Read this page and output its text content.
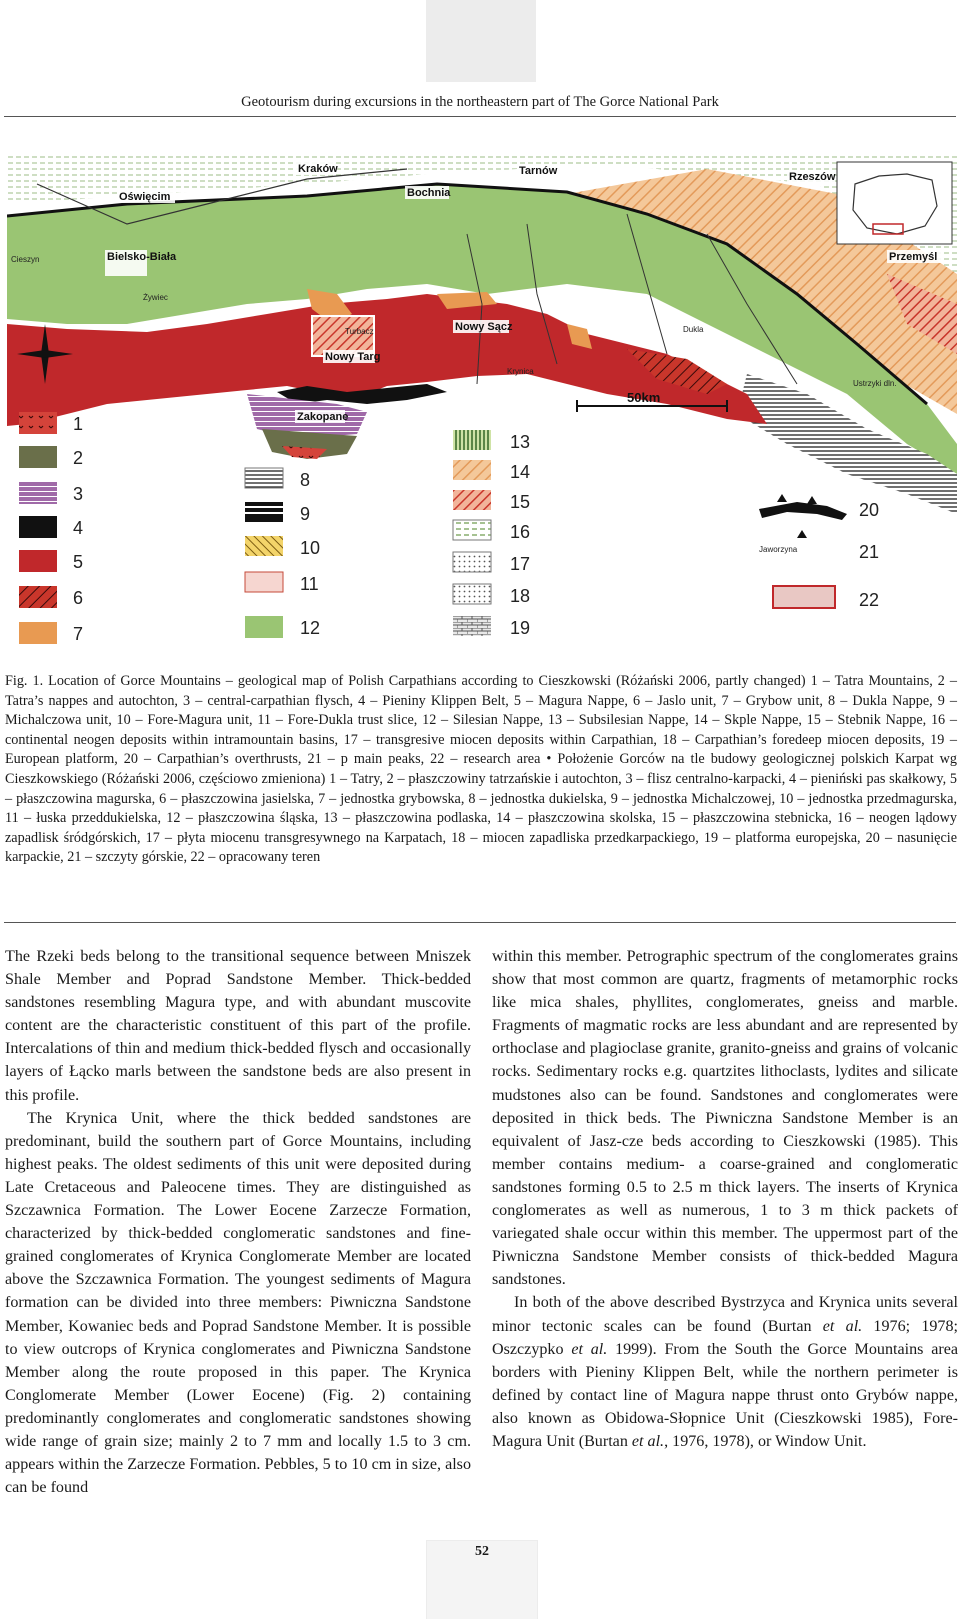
Geotourism during excursions in the northeastern part of The Gorce National Park
50km
Kraków
Oświęcim	Bochnia
Tarnów	Rzeszów
Przemyśl
Bielsko-Biała
Cieszyn
Żywiec
Nowy Sącz
Nowy Targ
Zakopane
Krynica
Dukla
Ustrzyki dln.
Turbacz
Jaworzyna
1
2
3
4
5
6
7
8
9
10
11
12
13
14
15
16
17
18
19
20
21
22
Fig. 1. Location of Gorce Mountains – geological map of Polish Carpathians according to Cieszkowski (Różański 2006, partly changed) 1 – Tatra Mountains, 2 – Tatra’s nappes and autochton, 3 – central-carpathian flysch, 4 – Pieniny Klippen Belt, 5 – Magura Nappe, 6 – Jaslo unit, 7 – Grybow unit, 8 – Dukla Nappe, 9 – Michalczowa unit, 10 – Fore-Magura unit, 11 – Fore-Dukla trust slice, 12 – Silesian Nappe, 13 – Subsilesian Nappe, 14 – Skple Nappe, 15 – Stebnik Nappe, 16 – continental neogen deposits within intramountain basins, 17 – transgresive miocen deposits within Carpathian, 18 – Carpathian’s foredeep miocen deposits, 19 – European platform, 20 – Carpathian’s overthrusts, 21 – p main peaks, 22 – research area • Położenie Gorców na tle budowy geologicznej polskich Karpat wg Cieszkowskiego (Różański 2006, częściowo zmieniona) 1 – Tatry, 2 – płaszczowiny tatrzańskie i autochton, 3 – flisz centralno-karpacki, 4 – pieniński pas skałkowy, 5 – płaszczowina magurska, 6 – płaszczowina jasielska, 7 – jednostka grybowska, 8 – jednostka dukielska, 9 – jednostka Michalczowej, 10 – jednostka przedmagurska, 11 – łuska przeddukielska, 12 – płaszczowina śląska, 13 – płaszczowina podlaska, 14 – płaszczowina skolska, 15 – płaszczowina stebnicka, 16 – neogen lądowy zapadlisk śródgórskich, 17 – płyta miocenu transgresywnego na Karpatach, 18 – miocen zapadliska przedkarpackiego, 19 – platforma europejska, 20 – nasunięcie karpackie, 21 – szczyty górskie, 22 – opracowany teren

The Rzeki beds belong to the transitional sequence between Mniszek Shale Member and Poprad Sandstone Member. Thick-bedded sandstones resembling Magura type, and with abundant muscovite content are the characteristic constituent of this part of the profile. Intercalations of thin and medium thick-bedded flysch and occasionally layers of Łącko marls between the sandstone beds are also present in this profile.

The Krynica Unit, where the thick bedded sandstones are predominant, build the southern part of Gorce Mountains, including highest peaks. The oldest sediments of this unit were deposited during Late Cretaceous and Paleocene times. They are distinguished as Szczawnica Formation. The Lower Eocene Zarzecze Formation, characterized by thick-bedded conglomeratic sandstones and fine-grained conglomerates of Krynica Conglomerate Member are located above the Szczawnica Formation. The youngest sediments of Magura formation can be divided into three members: Piwniczna Sandstone Member, Kowaniec beds and Poprad Sandstone Member. It is possible to view outcrops of Krynica conglomerates and Piwniczna Sandstone Member along the route proposed in this paper. The Krynica Conglomerate Member (Lower Eocene) (Fig. 2) containing predominantly conglomerates and conglomeratic sandstones showing wide range of grain size; mainly 2 to 7 mm and locally 1.5 to 3 cm. appears within the Zarzecze Formation. Pebbles, 5 to 10 cm in size, also can be found

within this member. Petrographic spectrum of the conglomerates grains show that most common are quartz, fragments of metamorphic rocks like mica shales, phyllites, conglomerates, gneiss and marble. Fragments of magmatic rocks are less abundant and are represented by orthoclase and plagioclase granite, granito-gneiss and grains of volcanic rocks. Sedimentary rocks e.g. quartzites lithoclasts, lydites and silicate mudstones also can be found. Sandstones and conglomerates were deposited in thick beds. The Piwniczna Sandstone Member is an equivalent of Jasz-cze beds according to Cieszkowski (1985). This member contains medium- a coarse-grained and conglomeratic sandstones forming 0.5 to 2.5 m thick layers. The inserts of Krynica conglomerates as well as numerous, 1 to 3 m thick packets of variegated shale occur within this member. The uppermost part of the Piwniczna Sandstone Member consists of thick-bedded Magura sandstones.

In both of the above described Bystrzyca and Krynica units several minor tectonic scales can be found (Burtan et al. 1976; 1978; Oszczypko et al. 1999). From the South the Gorce Mountains area borders with Pieniny Klippen Belt, while the northern perimeter is defined by contact line of Magura nappe thrust onto Grybów nappe, also known as Obidowa-Słopnice Unit (Cieszkowski 1985), Fore-Magura Unit (Burtan et al., 1976, 1978), or Window Unit.

52
